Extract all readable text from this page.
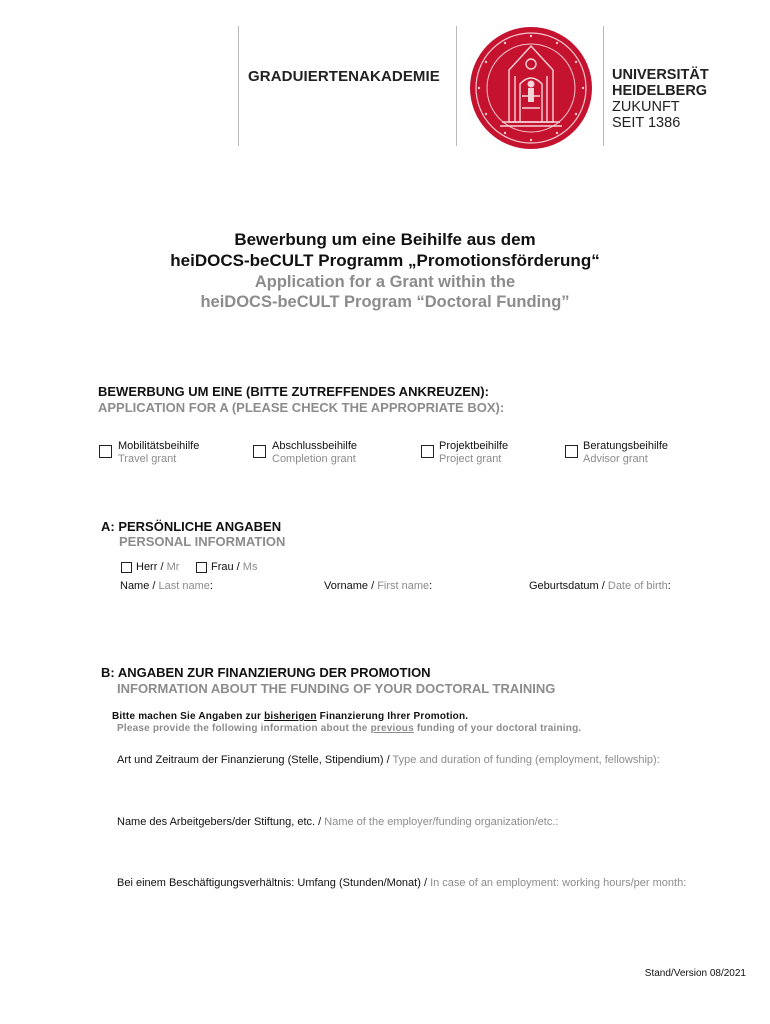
GRADUIERTENAKADEMIE	UNIVERSITÄT
HEIDELBERG
ZUKUNFT
SEIT 1386
Bewerbung um eine Beihilfe aus dem
heiDOCS-beCULT Programm „Promotionsförderung“
Application for a Grant within the
heiDOCS-beCULT Program “Doctoral Funding”
BEWERBUNG UM EINE (BITTE ZUTREFFENDES ANKREUZEN):
APPLICATION FOR A (PLEASE CHECK THE APPROPRIATE BOX):
Mobilitätsbeihilfe
Travel grant
Abschlussbeihilfe
Completion grant
Projektbeihilfe
Project grant
Beratungsbeihilfe
Advisor grant
A: PERSÖNLICHE ANGABEN
PERSONAL INFORMATION
Herr / Mr	Frau / Ms
Name / Last name:	Vorname / First name:	Geburtsdatum / Date of birth:
B: ANGABEN ZUR FINANZIERUNG DER PROMOTION
INFORMATION ABOUT THE FUNDING OF YOUR DOCTORAL TRAINING
Bitte machen Sie Angaben zur bisherigen Finanzierung Ihrer Promotion.
Please provide the following information about the previous funding of your doctoral training.
Art und Zeitraum der Finanzierung (Stelle, Stipendium) / Type and duration of funding (employment, fellowship):
Name des Arbeitgebers/der Stiftung, etc. / Name of the employer/funding organization/etc.:
Bei einem Beschäftigungsverhältnis: Umfang (Stunden/Monat) / In case of an employment: working hours/per month:
Stand/Version 08/2021
